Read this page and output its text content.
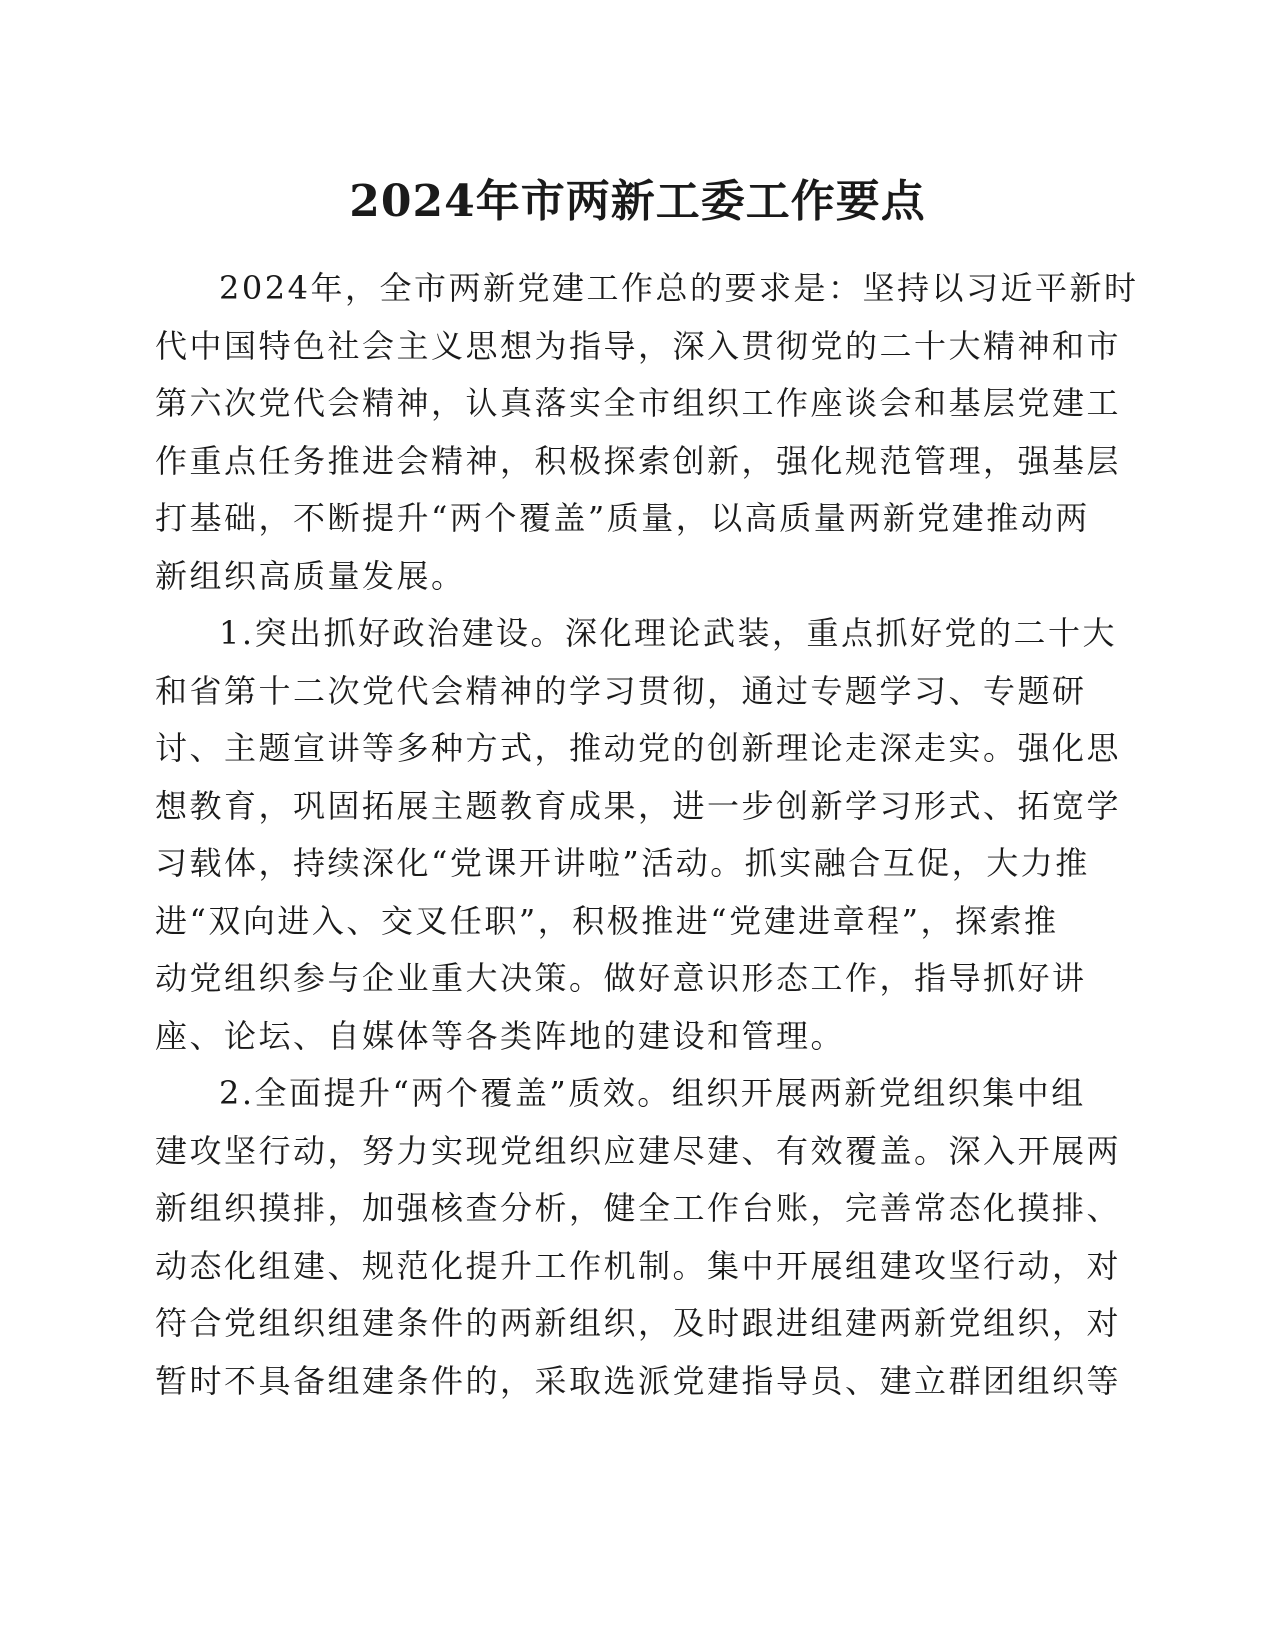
2024年市两新工委工作要点
2024年，全市两新党建工作总的要求是：坚持以习近平新时
代中国特色社会主义思想为指导，深入贯彻党的二十大精神和市
第六次党代会精神，认真落实全市组织工作座谈会和基层党建工
作重点任务推进会精神，积极探索创新，强化规范管理，强基层
打基础，不断提升“两个覆盖”质量，以高质量两新党建推动两
新组织高质量发展。
1.突出抓好政治建设。深化理论武装，重点抓好党的二十大
和省第十二次党代会精神的学习贯彻，通过专题学习、专题研
讨、主题宣讲等多种方式，推动党的创新理论走深走实。强化思
想教育，巩固拓展主题教育成果，进一步创新学习形式、拓宽学
习载体，持续深化“党课开讲啦”活动。抓实融合互促，大力推
进“双向进入、交叉任职”，积极推进“党建进章程”，探索推
动党组织参与企业重大决策。做好意识形态工作，指导抓好讲
座、论坛、自媒体等各类阵地的建设和管理。
2.全面提升“两个覆盖”质效。组织开展两新党组织集中组
建攻坚行动，努力实现党组织应建尽建、有效覆盖。深入开展两
新组织摸排，加强核查分析，健全工作台账，完善常态化摸排、
动态化组建、规范化提升工作机制。集中开展组建攻坚行动，对
符合党组织组建条件的两新组织，及时跟进组建两新党组织，对
暂时不具备组建条件的，采取选派党建指导员、建立群团组织等
